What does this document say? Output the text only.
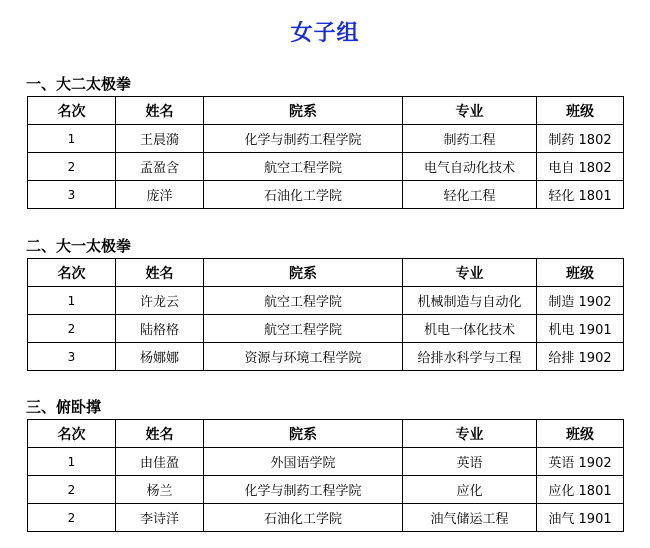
女子组
一、大二太极拳
名次	姓名	院系	专业	班级
1	王晨漪	化学与制药工程学院	制药工程	制药 1802
2	孟盈含	航空工程学院	电气自动化技术	电自 1802
3	庞洋	石油化工学院	轻化工程	轻化 1801
二、大一太极拳
名次	姓名	院系	专业	班级
1	许龙云	航空工程学院	机械制造与自动化	制造 1902
2	陆格格	航空工程学院	机电一体化技术	机电 1901
3	杨娜娜	资源与环境工程学院	给排水科学与工程	给排 1902
三、俯卧撑
名次	姓名	院系	专业	班级
1	由佳盈	外国语学院	英语	英语 1902
2	杨兰	化学与制药工程学院	应化	应化 1801
2	李诗洋	石油化工学院	油气储运工程	油气 1901
